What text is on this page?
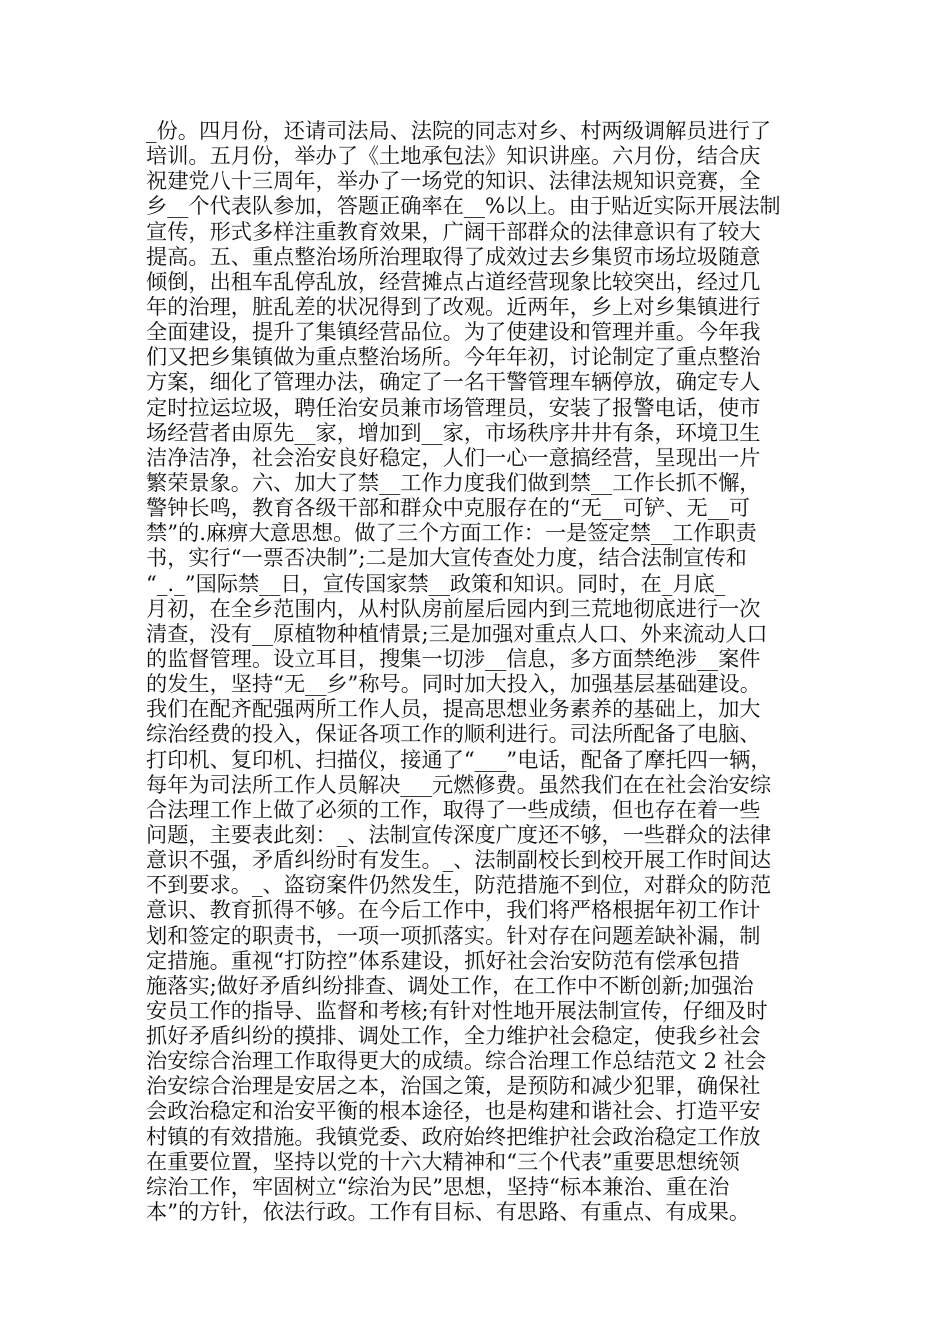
_份。四月份，还请司法局、法院的同志对乡、村两级调解员进行了
培训。五月份，举办了《土地承包法》知识讲座。六月份，结合庆
祝建党八十三周年，举办了一场党的知识、法律法规知识竞赛，全
乡__个代表队参加，答题正确率在__%以上。由于贴近实际开展法制
宣传，形式多样注重教育效果，广阔干部群众的法律意识有了较大
提高。五、重点整治场所治理取得了成效过去乡集贸市场垃圾随意
倾倒，出租车乱停乱放，经营摊点占道经营现象比较突出，经过几
年的治理，脏乱差的状况得到了改观。近两年，乡上对乡集镇进行
全面建设，提升了集镇经营品位。为了使建设和管理并重。今年我
们又把乡集镇做为重点整治场所。今年年初，讨论制定了重点整治
方案，细化了管理办法，确定了一名干警管理车辆停放，确定专人
定时拉运垃圾，聘任治安员兼市场管理员，安装了报警电话，使市
场经营者由原先__家，增加到__家，市场秩序井井有条，环境卫生
洁净洁净，社会治安良好稳定，人们一心一意搞经营，呈现出一片
繁荣景象。六、加大了禁__工作力度我们做到禁__工作长抓不懈，
警钟长鸣，教育各级干部和群众中克服存在的“无__可铲、无__可
禁”的.麻痹大意思想。做了三个方面工作：一是签定禁__工作职责
书，实行“一票否决制”;二是加大宣传查处力度，结合法制宣传和
“_._”国际禁__日，宣传国家禁__政策和知识。同时，在_月底_
月初，在全乡范围内，从村队房前屋后园内到三荒地彻底进行一次
清查，没有__原植物种植情景;三是加强对重点人口、外来流动人口
的监督管理。设立耳目，搜集一切涉__信息，多方面禁绝涉__案件
的发生，坚持“无__乡”称号。同时加大投入，加强基层基础建设。
我们在配齐配强两所工作人员，提高思想业务素养的基础上，加大
综治经费的投入，保证各项工作的顺利进行。司法所配备了电脑、
打印机、复印机、扫描仪，接通了“___”电话，配备了摩托四一辆，
每年为司法所工作人员解决___元燃修费。虽然我们在在社会治安综
合法理工作上做了必须的工作，取得了一些成绩，但也存在着一些
问题，主要表此刻：_、法制宣传深度广度还不够，一些群众的法律
意识不强，矛盾纠纷时有发生。_、法制副校长到校开展工作时间达
不到要求。_、盗窃案件仍然发生，防范措施不到位，对群众的防范
意识、教育抓得不够。在今后工作中，我们将严格根据年初工作计
划和签定的职责书，一项一项抓落实。针对存在问题差缺补漏，制
定措施。重视“打防控”体系建设，抓好社会治安防范有偿承包措
施落实;做好矛盾纠纷排查、调处工作，在工作中不断创新;加强治
安员工作的指导、监督和考核;有针对性地开展法制宣传，仔细及时
抓好矛盾纠纷的摸排、调处工作，全力维护社会稳定，使我乡社会
治安综合治理工作取得更大的成绩。综合治理工作总结范文 2 社会
治安综合治理是安居之本，治国之策，是预防和减少犯罪，确保社
会政治稳定和治安平衡的根本途径，也是构建和谐社会、打造平安
村镇的有效措施。我镇党委、政府始终把维护社会政治稳定工作放
在重要位置，坚持以党的十六大精神和“三个代表”重要思想统领
综治工作，牢固树立“综治为民”思想，坚持“标本兼治、重在治
本”的方针，依法行政。工作有目标、有思路、有重点、有成果。
